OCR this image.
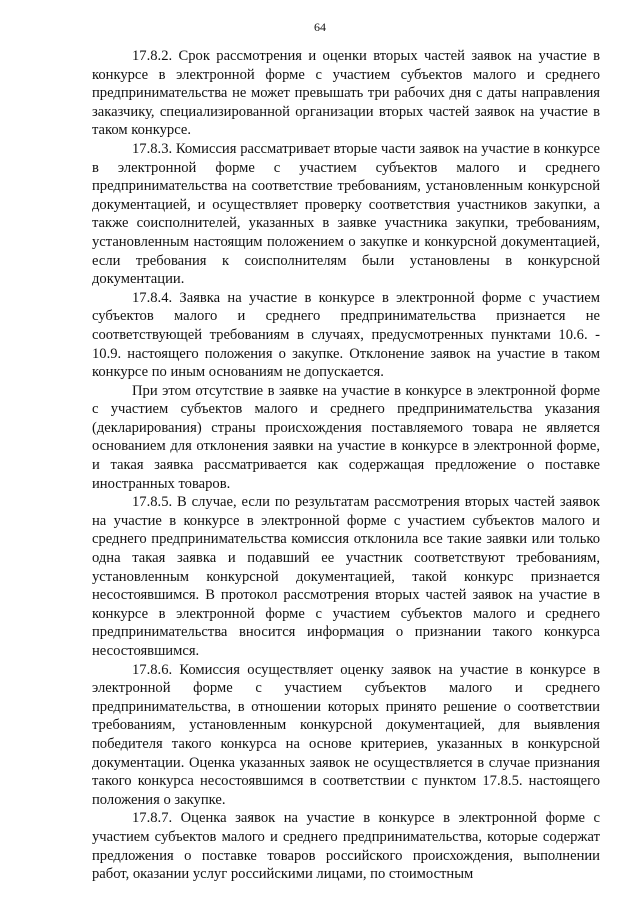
64

17.8.2. Срок рассмотрения и оценки вторых частей заявок на участие в конкурсе в электронной форме с участием субъектов малого и среднего предпринимательства не может превышать три рабочих дня с даты направления заказчику, специализированной организации вторых частей заявок на участие в таком конкурсе.

17.8.3. Комиссия рассматривает вторые части заявок на участие в конкурсе в электронной форме с участием субъектов малого и среднего предпринимательства на соответствие требованиям, установленным конкурсной документацией, и осуществляет проверку соответствия участников закупки, а также соисполнителей, указанных в заявке участника закупки, требованиям, установленным настоящим положением о закупке и конкурсной документацией, если требования к соисполнителям были установлены в конкурсной документации.

17.8.4. Заявка на участие в конкурсе в электронной форме с участием субъектов малого и среднего предпринимательства признается не соответствующей требованиям в случаях, предусмотренных пунктами 10.6. - 10.9. настоящего положения о закупке. Отклонение заявок на участие в таком конкурсе по иным основаниям не допускается.

При этом отсутствие в заявке на участие в конкурсе в электронной форме с участием субъектов малого и среднего предпринимательства указания (декларирования) страны происхождения поставляемого товара не является основанием для отклонения заявки на участие в конкурсе в электронной форме, и такая заявка рассматривается как содержащая предложение о поставке иностранных товаров.

17.8.5. В случае, если по результатам рассмотрения вторых частей заявок на участие в конкурсе в электронной форме с участием субъектов малого и среднего предпринимательства комиссия отклонила все такие заявки или только одна такая заявка и подавший ее участник соответствуют требованиям, установленным конкурсной документацией, такой конкурс признается несостоявшимся. В протокол рассмотрения вторых частей заявок на участие в конкурсе в электронной форме с участием субъектов малого и среднего предпринимательства вносится информация о признании такого конкурса несостоявшимся.

17.8.6. Комиссия осуществляет оценку заявок на участие в конкурсе в электронной форме с участием субъектов малого и среднего предпринимательства, в отношении которых принято решение о соответствии требованиям, установленным конкурсной документацией, для выявления победителя такого конкурса на основе критериев, указанных в конкурсной документации. Оценка указанных заявок не осуществляется в случае признания такого конкурса несостоявшимся в соответствии с пунктом 17.8.5. настоящего положения о закупке.

17.8.7. Оценка заявок на участие в конкурсе в электронной форме с участием субъектов малого и среднего предпринимательства, которые содержат предложения о поставке товаров российского происхождения, выполнении работ, оказании услуг российскими лицами, по стоимостным
